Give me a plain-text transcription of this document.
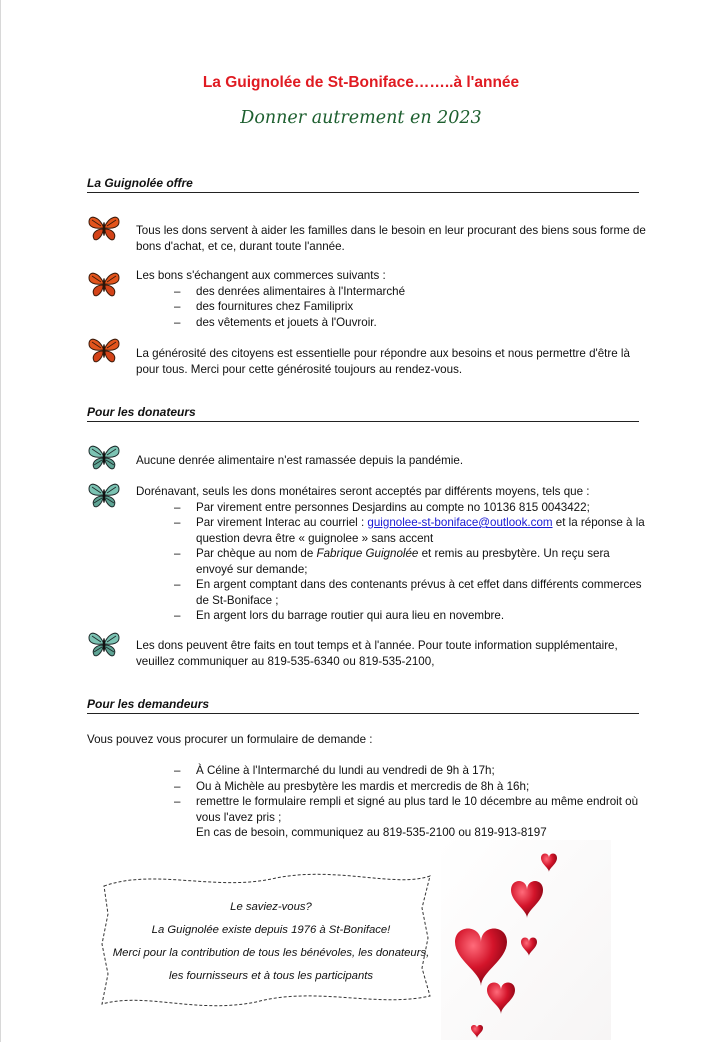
La Guignolée de St-Boniface……..à l'année
Donner autrement en 2023
La Guignolée offre

Tous les dons servent à aider les familles dans le besoin en leur procurant des biens sous forme de bons d'achat, et ce, durant toute l'année.

Les bons s'échangent aux commerces suivants :

– des denrées alimentaires à l'Intermarché
– des fournitures chez Familiprix
– des vêtements et jouets à l'Ouvroir.

La générosité des citoyens est essentielle pour répondre aux besoins et nous permettre d'être là pour tous. Merci pour cette générosité toujours au rendez-vous.

Pour les donateurs

Aucune denrée alimentaire n'est ramassée depuis la pandémie.

Dorénavant, seuls les dons monétaires seront acceptés par différents moyens, tels que :

– Par virement entre personnes Desjardins au compte no 10136 815 0043422;
– Par virement Interac au courriel : guignolee-st-boniface@outlook.com et la réponse à la question devra être « guignolee » sans accent
– Par chèque au nom de Fabrique Guignolée et remis au presbytère. Un reçu sera envoyé sur demande;
– En argent comptant dans des contenants prévus à cet effet dans différents commerces de St-Boniface ;
– En argent lors du barrage routier qui aura lieu en novembre.

Les dons peuvent être faits en tout temps et à l'année. Pour toute information supplémentaire, veuillez communiquer au 819-535-6340 ou 819-535-2100,

Pour les demandeurs
Vous pouvez vous procurer un formulaire de demande :
– À Céline à l'Intermarché du lundi au vendredi de 9h à 17h;
– Ou à Michèle au presbytère les mardis et mercredis de 8h à 16h;
– remettre le formulaire rempli et signé au plus tard le 10 décembre au même endroit où vous l'avez pris ;
En cas de besoin, communiquez au 819-535-2100 ou 819-913-8197

Le saviez-vous?

La Guignolée existe depuis 1976 à St-Boniface!

Merci pour la contribution de tous les bénévoles, les donateurs, les fournisseurs et à tous les participants
